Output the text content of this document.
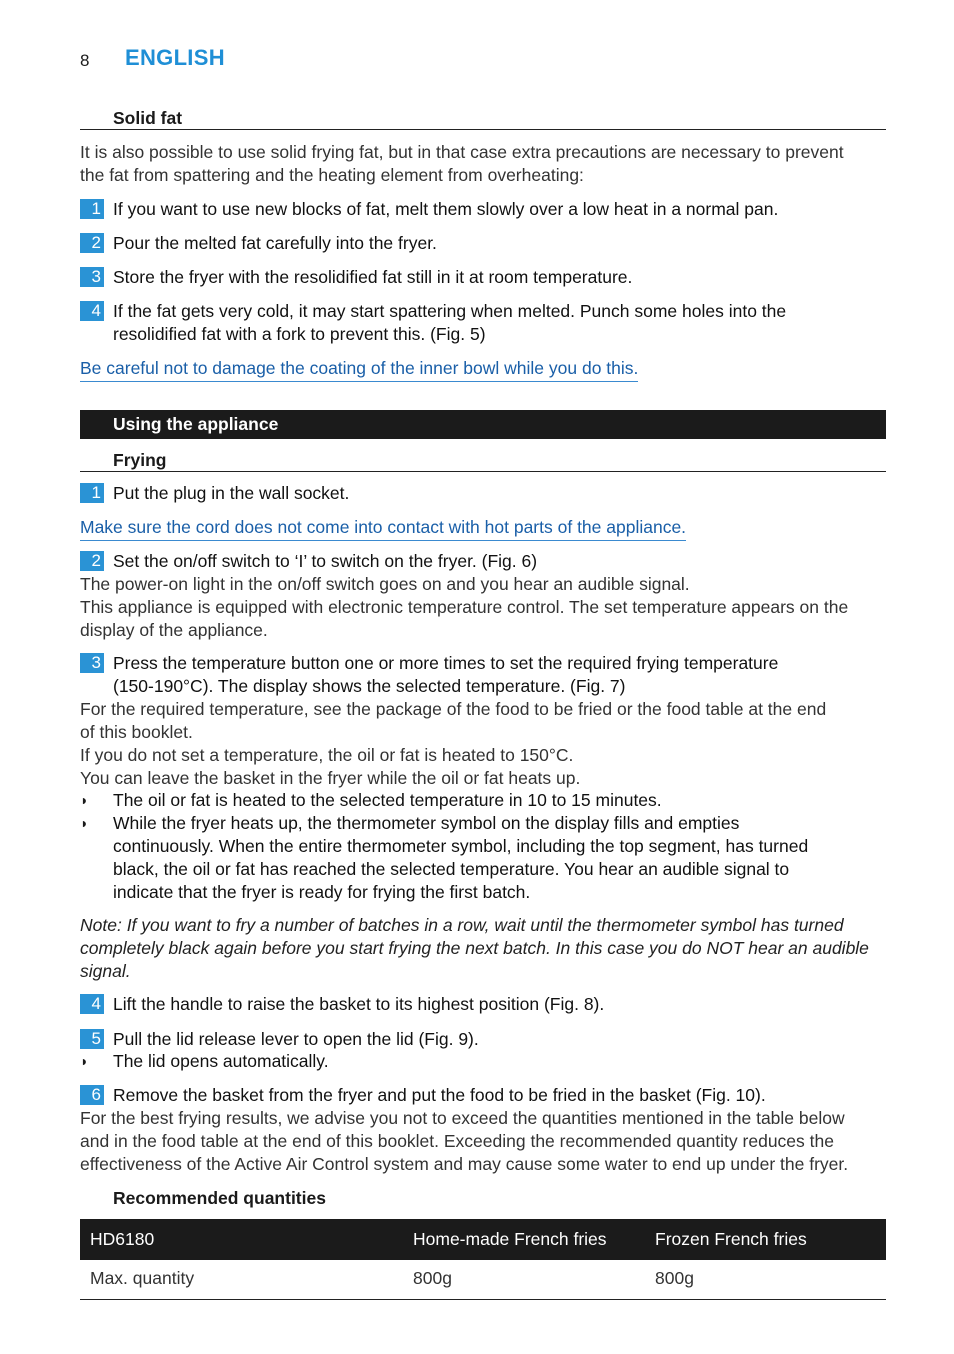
8 ENGLISH
Solid fat
It is also possible to use solid frying fat, but in that case extra precautions are necessary to prevent
the fat from spattering and the heating element from overheating:
1 If you want to use new blocks of fat, melt them slowly over a low heat in a normal pan.
2 Pour the melted fat carefully into the fryer.
3 Store the fryer with the resolidified fat still in it at room temperature.
4 If the fat gets very cold, it may start spattering when melted. Punch some holes into the
resolidified fat with a fork to prevent this. (Fig. 5)
Be careful not to damage the coating of the inner bowl while you do this.
Using the appliance
Frying
1 Put the plug in the wall socket.
Make sure the cord does not come into contact with hot parts of the appliance.
2 Set the on/off switch to ‘I’ to switch on the fryer. (Fig. 6)
The power-on light in the on/off switch goes on and you hear an audible signal.
This appliance is equipped with electronic temperature control. The set temperature appears on the
display of the appliance.
3 Press the temperature button one or more times to set the required frying temperature
(150-190°C). The display shows the selected temperature. (Fig. 7)
For the required temperature, see the package of the food to be fried or the food table at the end
of this booklet.
If you do not set a temperature, the oil or fat is heated to 150°C.
You can leave the basket in the fryer while the oil or fat heats up.
◗ The oil or fat is heated to the selected temperature in 10 to 15 minutes.
◗ While the fryer heats up, the thermometer symbol on the display fills and empties
continuously. When the entire thermometer symbol, including the top segment, has turned
black, the oil or fat has reached the selected temperature. You hear an audible signal to
indicate that the fryer is ready for frying the first batch.
Note: If you want to fry a number of batches in a row, wait until the thermometer symbol has turned
completely black again before you start frying the next batch. In this case you do NOT hear an audible
signal.
4 Lift the handle to raise the basket to its highest position (Fig. 8).
5 Pull the lid release lever to open the lid (Fig. 9).
◗ The lid opens automatically.
6 Remove the basket from the fryer and put the food to be fried in the basket (Fig. 10).
For the best frying results, we advise you not to exceed the quantities mentioned in the table below
and in the food table at the end of this booklet. Exceeding the recommended quantity reduces the
effectiveness of the Active Air Control system and may cause some water to end up under the fryer.
Recommended quantities
HD6180	Home-made French fries	Frozen French fries
Max. quantity	800g	800g
